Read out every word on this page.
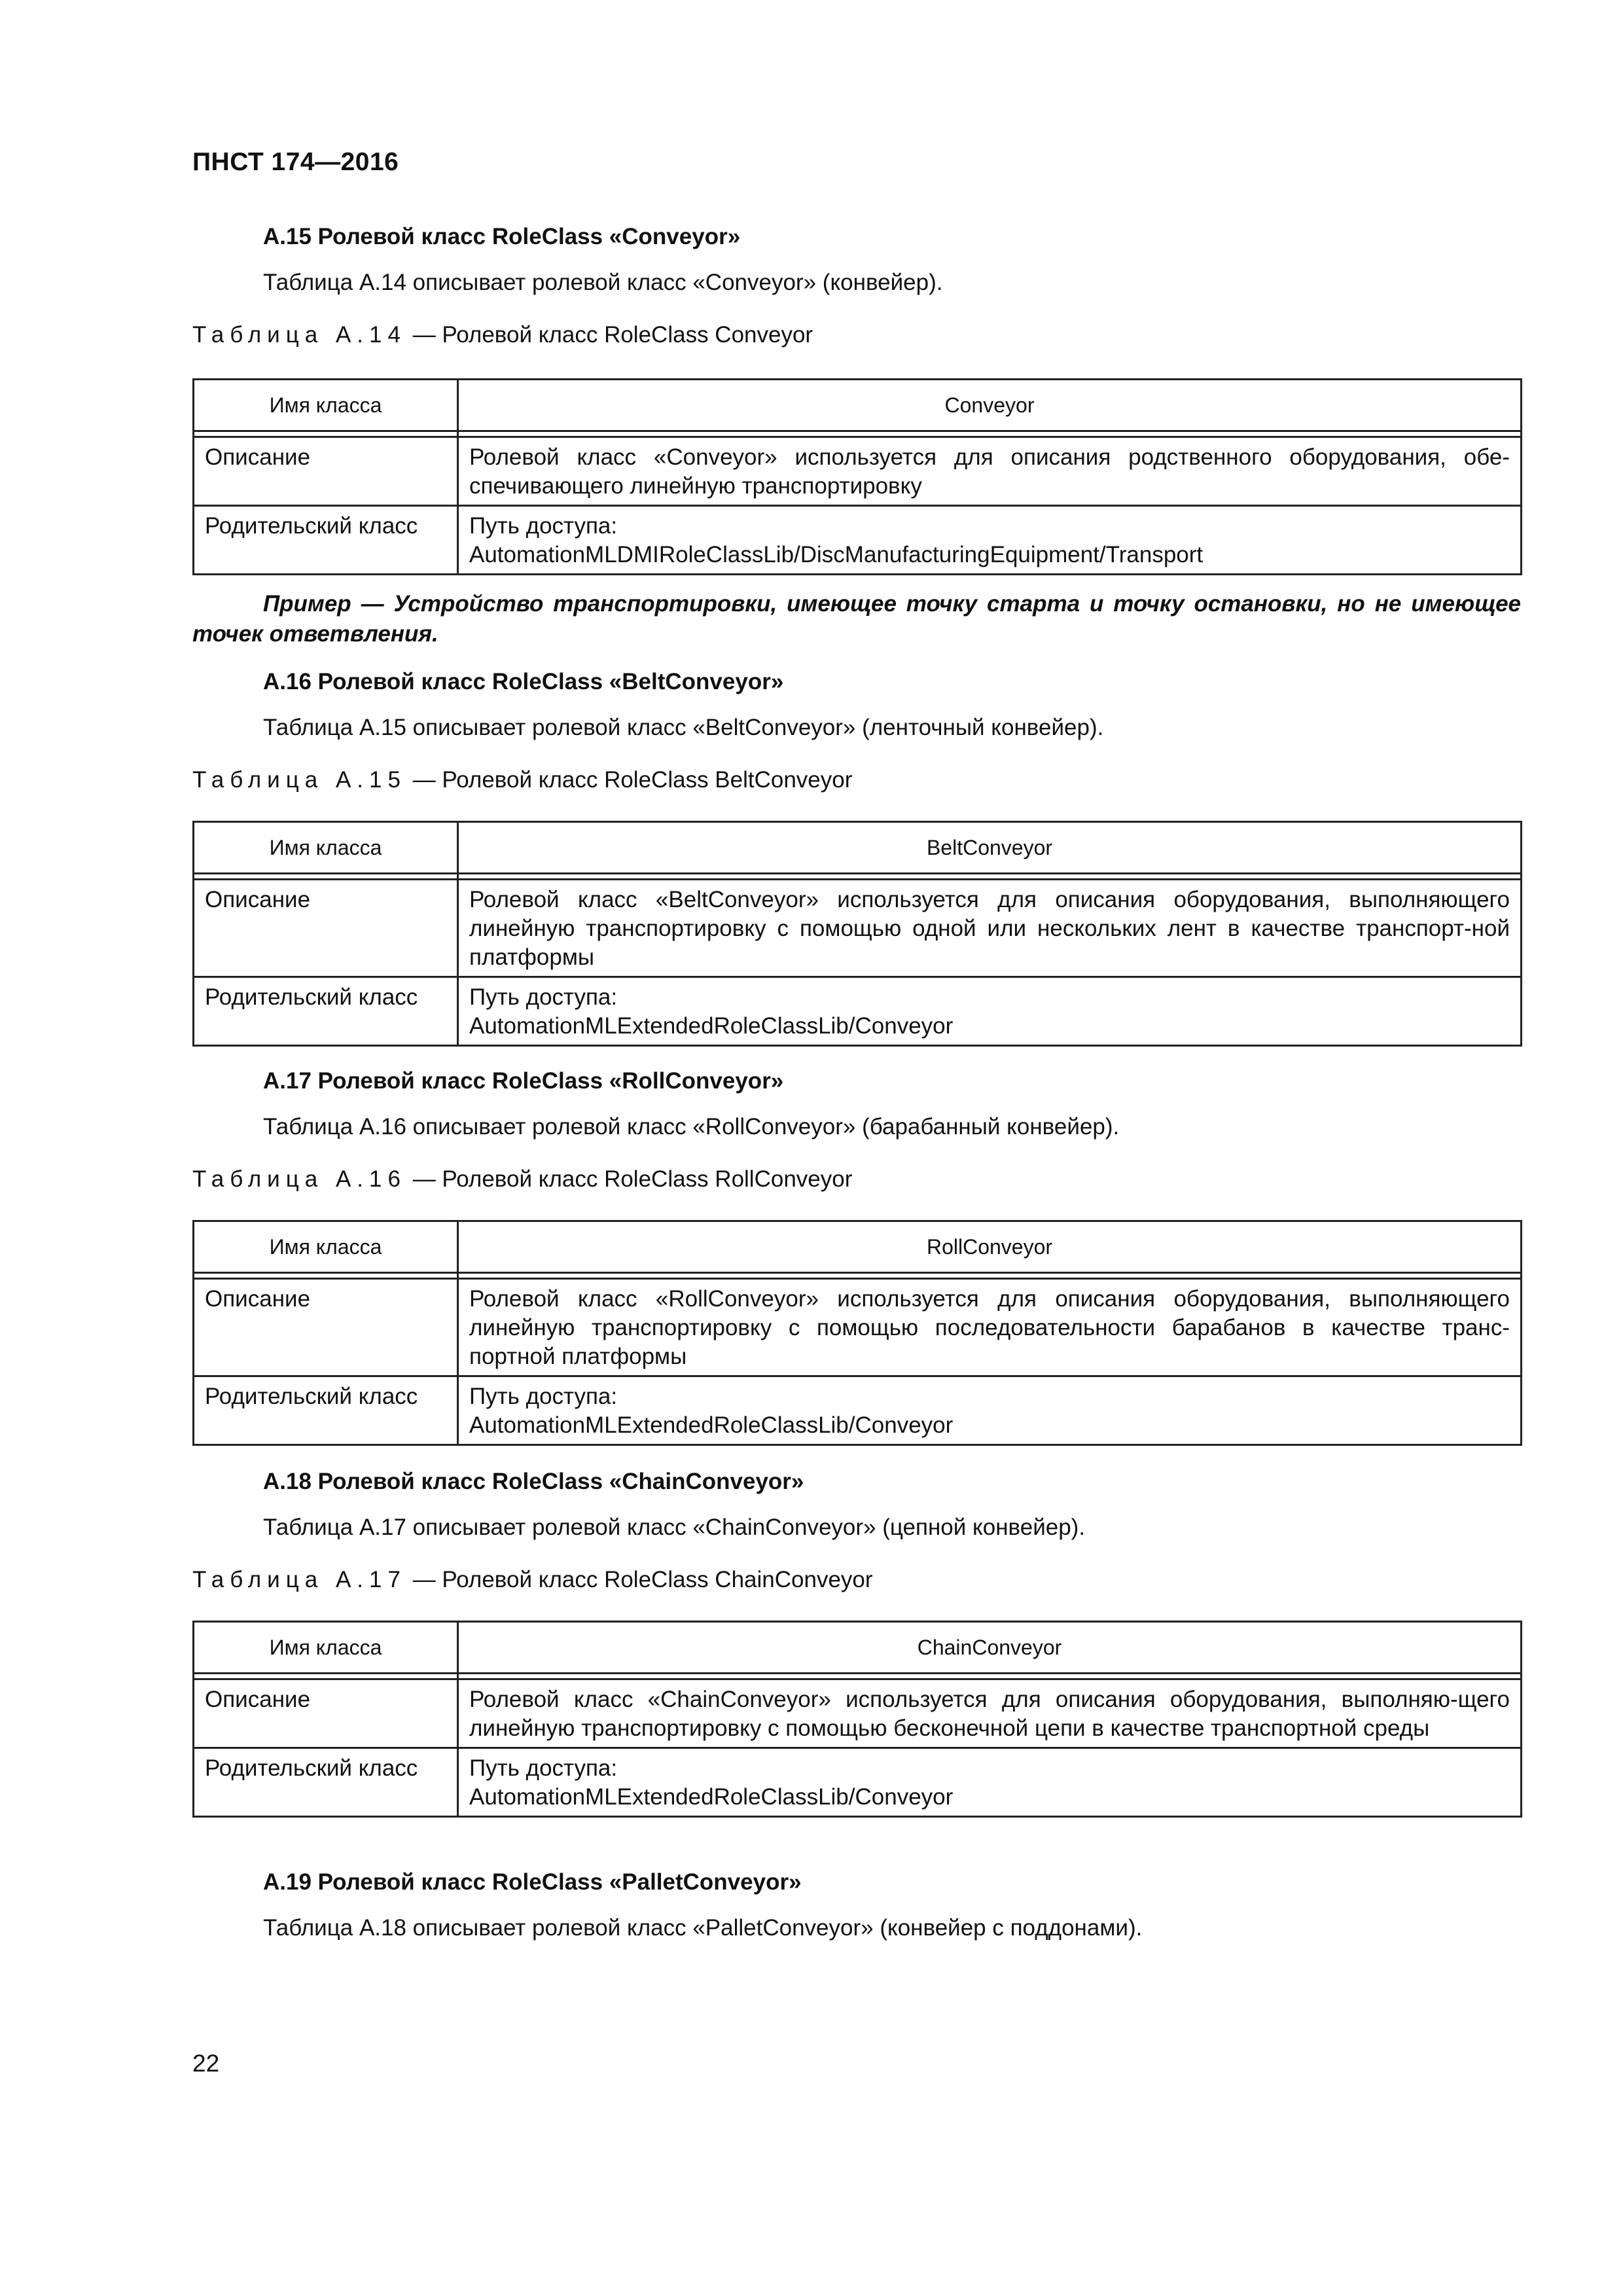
ПНСТ 174—2016
А.15 Ролевой класс RoleClass «Conveyor»
Таблица А.14 описывает ролевой класс «Conveyor» (конвейер).
Таблица А.14 — Ролевой класс RoleClass Conveyor
Имя класса	Conveyor

Описание	Ролевой класс «Conveyor» используется для описания родственного оборудования, обе-спечивающего линейную транспортировку
Родительский класс	Путь доступа:
AutomationMLDMIRoleClassLib/DiscManufacturingEquipment/Transport
Пример — Устройство транспортировки, имеющее точку старта и точку остановки, но не имеющее точек ответвления.
А.16 Ролевой класс RoleClass «BeltConveyor»
Таблица А.15 описывает ролевой класс «BeltConveyor» (ленточный конвейер).
Таблица А.15 — Ролевой класс RoleClass BeltConveyor
Имя класса	BeltConveyor

Описание	Ролевой класс «BeltConveyor» используется для описания оборудования, выполняющего линейную транспортировку с помощью одной или нескольких лент в качестве транспорт-ной платформы
Родительский класс	Путь доступа:
AutomationMLExtendedRoleClassLib/Conveyor
А.17 Ролевой класс RoleClass «RollConveyor»
Таблица А.16 описывает ролевой класс «RollConveyor» (барабанный конвейер).
Таблица А.16 — Ролевой класс RoleClass RollConveyor
Имя класса	RollConveyor

Описание	Ролевой класс «RollConveyor» используется для описания оборудования, выполняющего линейную транспортировку с помощью последовательности барабанов в качестве транс-портной платформы
Родительский класс	Путь доступа:
AutomationMLExtendedRoleClassLib/Conveyor
А.18 Ролевой класс RoleClass «ChainConveyor»
Таблица А.17 описывает ролевой класс «ChainConveyor» (цепной конвейер).
Таблица А.17 — Ролевой класс RoleClass ChainConveyor
Имя класса	ChainConveyor

Описание	Ролевой класс «ChainConveyor» используется для описания оборудования, выполняю-щего линейную транспортировку с помощью бесконечной цепи в качестве транспортной среды
Родительский класс	Путь доступа:
AutomationMLExtendedRoleClassLib/Conveyor
А.19 Ролевой класс RoleClass «PalletConveyor»
Таблица А.18 описывает ролевой класс «PalletConveyor» (конвейер с поддонами).
22
